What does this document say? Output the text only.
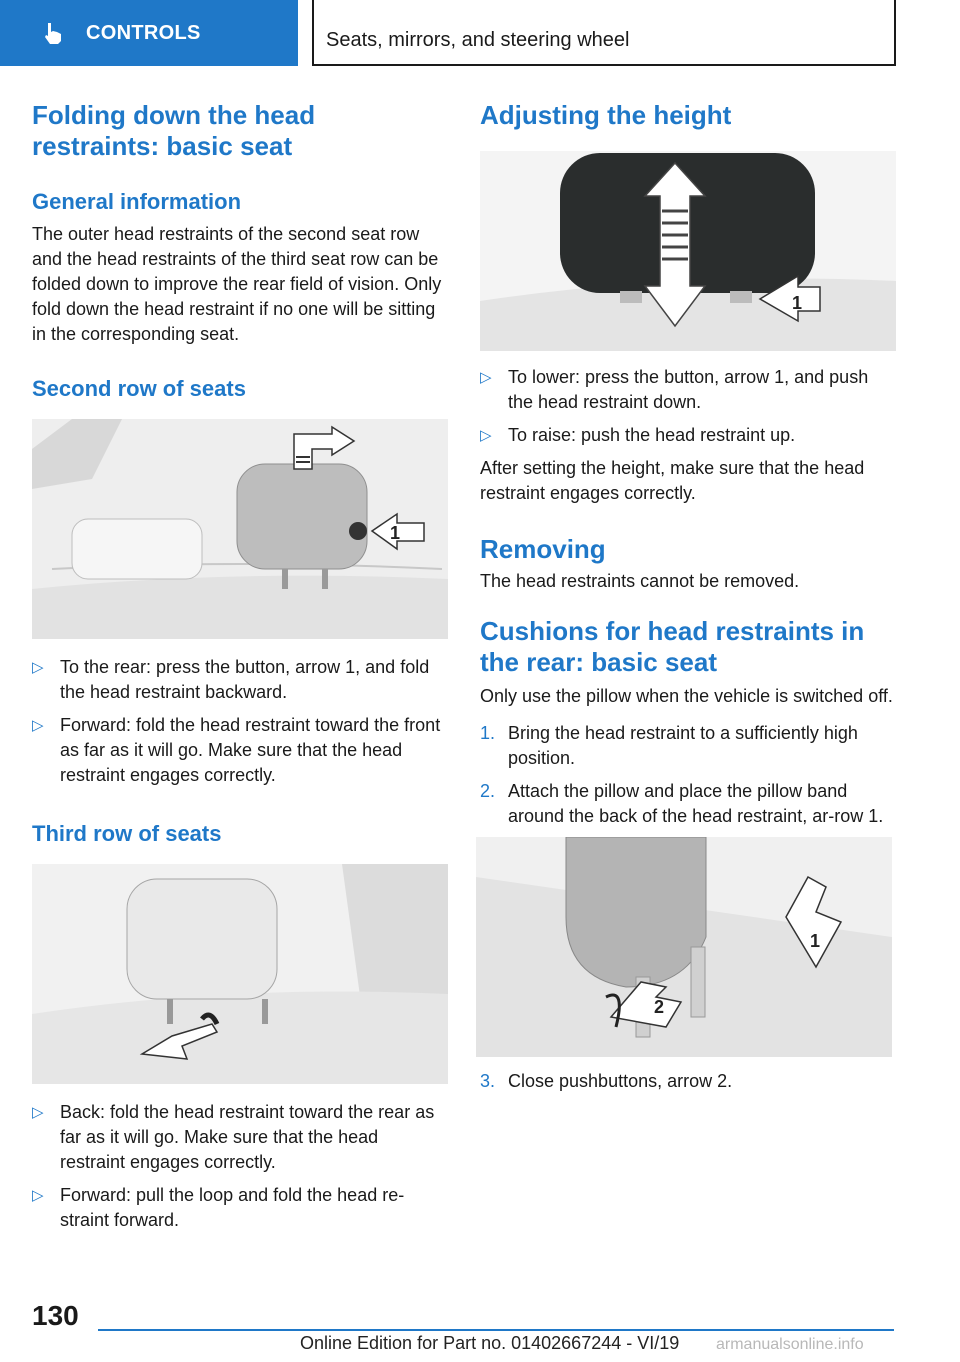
CONTROLS	Seats, mirrors, and steering wheel
Folding down the head restraints: basic seat
General information

The outer head restraints of the second seat row and the head restraints of the third seat row can be folded down to improve the rear field of vision. Only fold down the head restraint if no one will be sitting in the corresponding seat.

Second row of seats
1
▷ To the rear: press the button, arrow 1, and fold the head restraint backward.
▷ Forward: fold the head restraint toward the front as far as it will go. Make sure that the head restraint engages correctly.
Third row of seats
▷ Back: fold the head restraint toward the rear as far as it will go. Make sure that the head restraint engages correctly.
▷ Forward: pull the loop and fold the head re‐straint forward.
Adjusting the height
1
▷ To lower: press the button, arrow 1, and push the head restraint down.
▷ To raise: push the head restraint up.

After setting the height, make sure that the head restraint engages correctly.

Removing

The head restraints cannot be removed.

Cushions for head restraints in the rear: basic seat

Only use the pillow when the vehicle is switched off.

1. Bring the head restraint to a sufficiently high position.
2. Attach the pillow and place the pillow band around the back of the head restraint, ar‐row 1.
1
2
3. Close pushbuttons, arrow 2.
130
Online Edition for Part no. 01402667244 - VI/19 armanualsonline.info
